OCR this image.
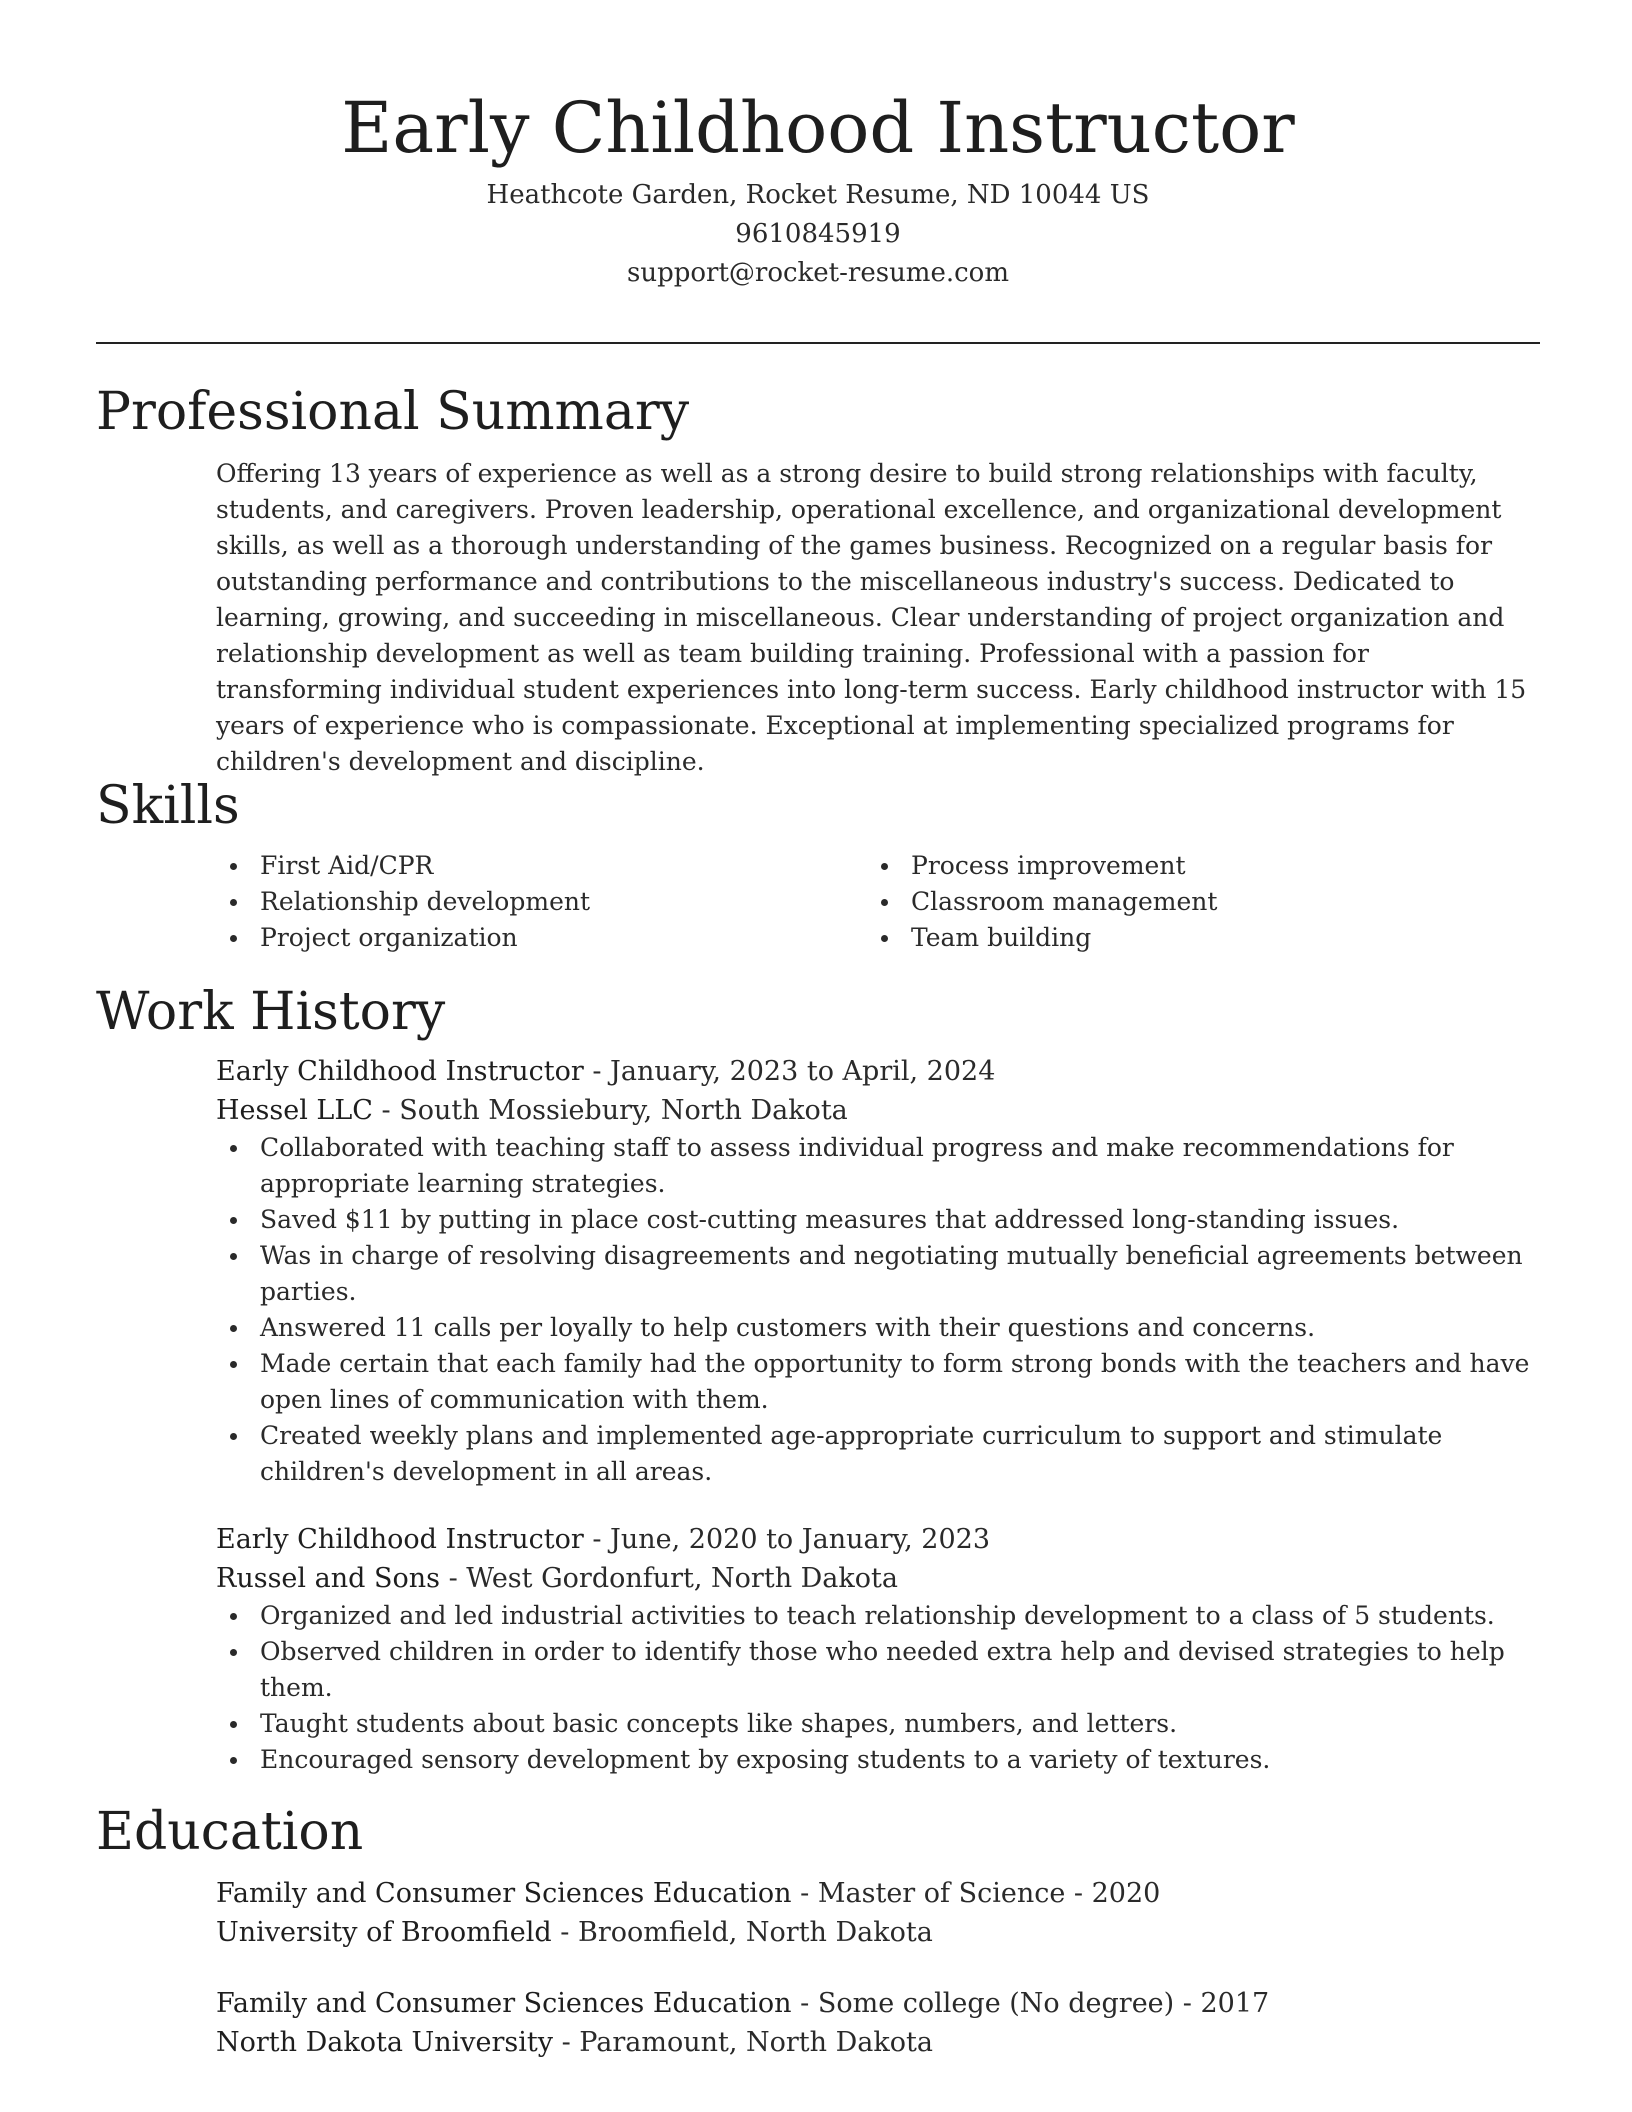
Early Childhood Instructor
Heathcote Garden, Rocket Resume, ND 10044 US
9610845919
support@rocket-resume.com
Professional Summary

Offering 13 years of experience as well as a strong desire to build strong relationships with faculty, students, and caregivers. Proven leadership, operational excellence, and organizational development skills, as well as a thorough understanding of the games business. Recognized on a regular basis for outstanding performance and contributions to the miscellaneous industry's success. Dedicated to learning, growing, and succeeding in miscellaneous. Clear understanding of project organization and relationship development as well as team building training. Professional with a passion for transforming individual student experiences into long-term success. Early childhood instructor with 15 years of experience who is compassionate. Exceptional at implementing specialized programs for children's development and discipline.

Skills
First Aid/CPR
Relationship development
Project organization
Process improvement
Classroom management
Team building
Work History
Early Childhood Instructor - January, 2023 to April, 2024
Hessel LLC - South Mossiebury, North Dakota
Collaborated with teaching staff to assess individual progress and make recommendations for appropriate learning strategies.
Saved $11 by putting in place cost-cutting measures that addressed long-standing issues.
Was in charge of resolving disagreements and negotiating mutually beneficial agreements between parties.
Answered 11 calls per loyally to help customers with their questions and concerns.
Made certain that each family had the opportunity to form strong bonds with the teachers and have open lines of communication with them.
Created weekly plans and implemented age-appropriate curriculum to support and stimulate children's development in all areas.
Early Childhood Instructor - June, 2020 to January, 2023
Russel and Sons - West Gordonfurt, North Dakota
Organized and led industrial activities to teach relationship development to a class of 5 students.
Observed children in order to identify those who needed extra help and devised strategies to help them.
Taught students about basic concepts like shapes, numbers, and letters.
Encouraged sensory development by exposing students to a variety of textures.
Education
Family and Consumer Sciences Education - Master of Science - 2020
University of Broomfield - Broomfield, North Dakota
Family and Consumer Sciences Education - Some college (No degree) - 2017
North Dakota University - Paramount, North Dakota
